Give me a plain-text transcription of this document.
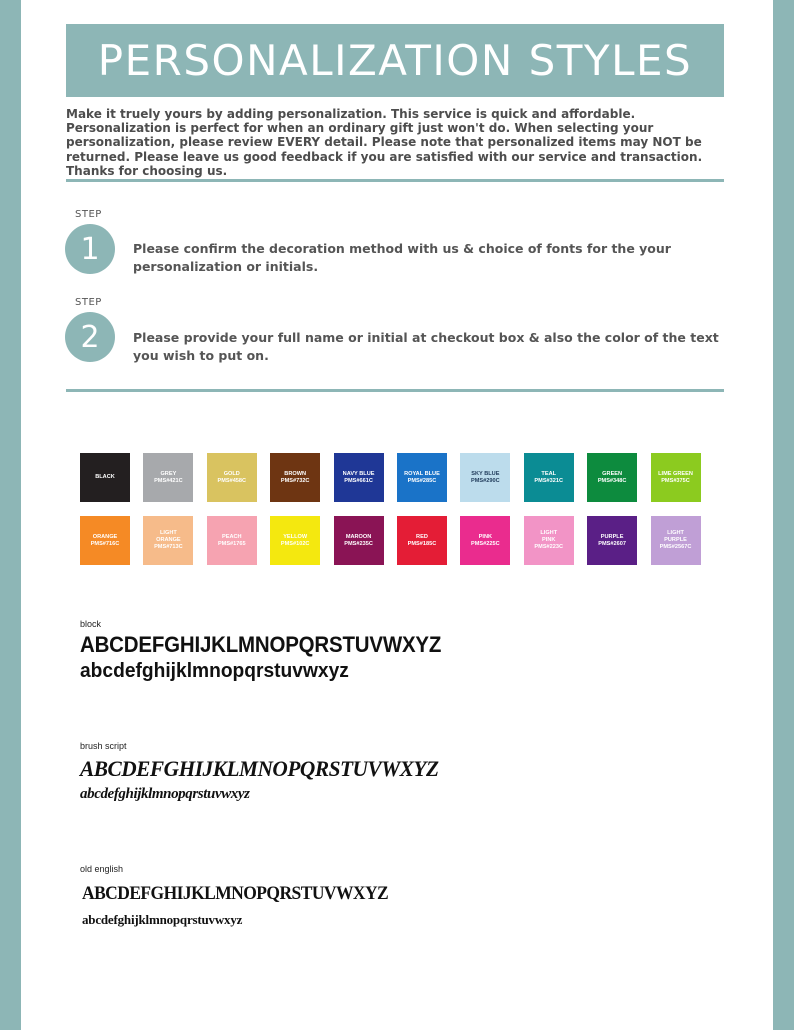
PERSONALIZATION STYLES
Make it truely yours by adding personalization. This service is quick and affordable. Personalization is perfect for when an ordinary gift just won't do. When selecting your personalization, please review EVERY detail. Please note that personalized items may NOT be returned. Please leave us good feedback if you are satisfied with our service and transaction. Thanks for choosing us.
STEP
1	Please confirm the decoration method with us & choice of fonts for the your personalization or initials.
STEP
2	Please provide your full name or initial at checkout box & also the color of the text you wish to put on.
BLACK
GREY
PMS#421C
GOLD
PMS#458C
BROWN
PMS#732C
NAVY BLUE
PMS#661C
ROYAL BLUE
PMS#285C
SKY BLUE
PMS#290C
TEAL
PMS#321C
GREEN
PMS#348C
LIME GREEN
PMS#375C
ORANGE
PMS#716C
LIGHT
ORANGE
PMS#713C
PEACH
PMS#1765
YELLOW
PMS#102C
MAROON
PMS#235C
RED
PMS#185C
PINK
PMS#225C
LIGHT
PINK
PMS#223C
PURPLE
PMS#2607
LIGHT
PURPLE
PMS#2567C
block
ABCDEFGHIJKLMNOPQRSTUVWXYZ
abcdefghijklmnopqrstuvwxyz
brush script
ABCDEFGHIJKLMNOPQRSTUVWXYZ
abcdefghijklmnopqrstuvwxyz
old english
ABCDEFGHIJKLMNOPQRSTUVWXYZ
abcdefghijklmnopqrstuvwxyz
